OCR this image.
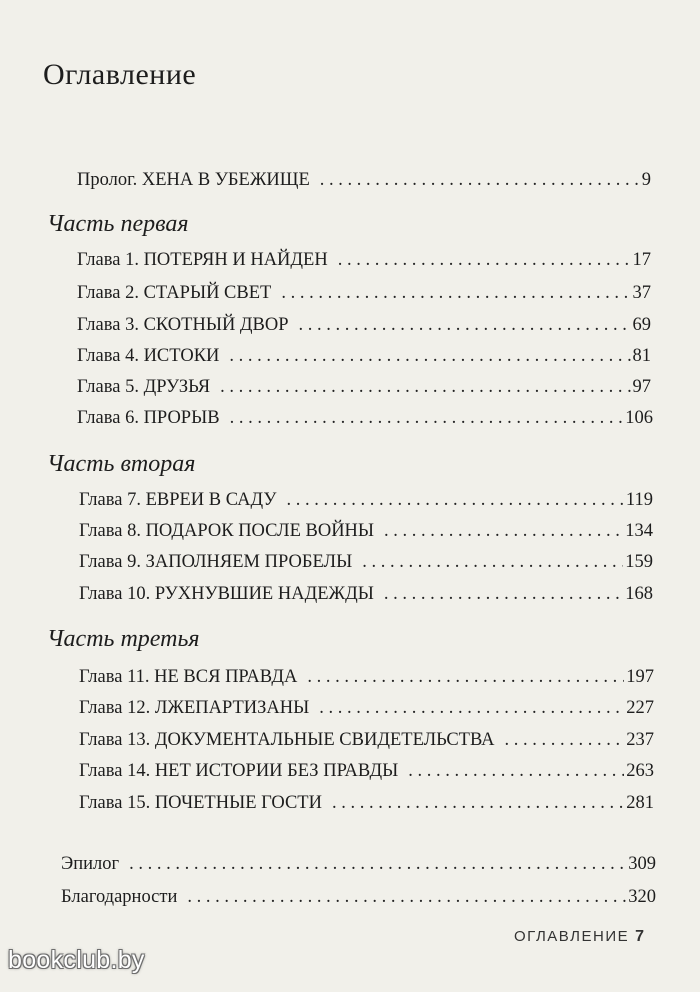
Оглавление
Пролог. ХЕНА В УБЕЖИЩЕ . . .	9
Часть первая
Глава 1. ПОТЕРЯН И НАЙДЕН . . .	17
Глава 2. СТАРЫЙ СВЕТ . . .	37
Глава 3. СКОТНЫЙ ДВОР . . .	69
Глава 4. ИСТОКИ . . .	81
Глава 5. ДРУЗЬЯ . . .	97
Глава 6. ПРОРЫВ . . .	106
Часть вторая
Глава 7. ЕВРЕИ В САДУ . . .	119
Глава 8. ПОДАРОК ПОСЛЕ ВОЙНЫ . . .	134
Глава 9. ЗАПОЛНЯЕМ ПРОБЕЛЫ . . .	159
Глава 10. РУХНУВШИЕ НАДЕЖДЫ . . .	168
Часть третья
Глава 11. НЕ ВСЯ ПРАВДА . . .	197
Глава 12. ЛЖЕПАРТИЗАНЫ . . .	227
Глава 13. ДОКУМЕНТАЛЬНЫЕ СВИДЕТЕЛЬСТВА . . .	237
Глава 14. НЕТ ИСТОРИИ БЕЗ ПРАВДЫ . . .	263
Глава 15. ПОЧЕТНЫЕ ГОСТИ . . .	281
Эпилог . . .	309
Благодарности . . .	320
ОГЛАВЛЕНИЕ 7
bookclub.by
